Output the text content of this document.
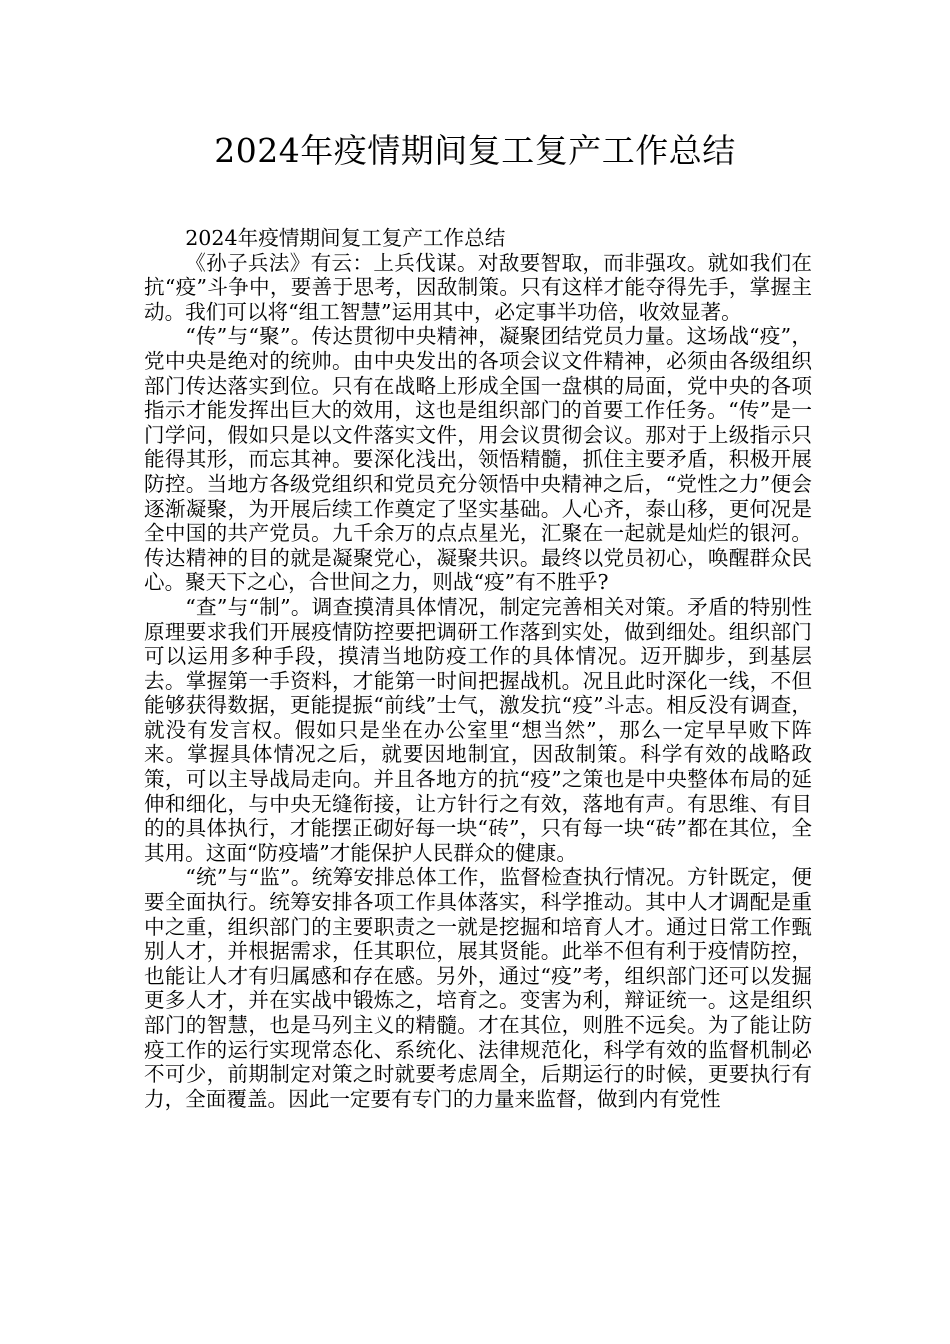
2024年疫情期间复工复产工作总结

2024年疫情期间复工复产工作总结

《孙子兵法》有云：上兵伐谋。对敌要智取，而非强攻。就如我们在抗“疫”斗争中，要善于思考，因敌制策。只有这样才能夺得先手，掌握主动。我们可以将“组工智慧”运用其中，必定事半功倍，收效显著。

“传”与“聚”。传达贯彻中央精神，凝聚团结党员力量。这场战“疫”，党中央是绝对的统帅。由中央发出的各项会议文件精神，必须由各级组织部门传达落实到位。只有在战略上形成全国一盘棋的局面，党中央的各项指示才能发挥出巨大的效用，这也是组织部门的首要工作任务。“传”是一门学问，假如只是以文件落实文件，用会议贯彻会议。那对于上级指示只能得其形，而忘其神。要深化浅出，领悟精髓，抓住主要矛盾，积极开展防控。当地方各级党组织和党员充分领悟中央精神之后，“党性之力”便会逐渐凝聚，为开展后续工作奠定了坚实基础。人心齐，泰山移，更何况是全中国的共产党员。九千余万的点点星光，汇聚在一起就是灿烂的银河。传达精神的目的就是凝聚党心，凝聚共识。最终以党员初心，唤醒群众民心。聚天下之心，合世间之力，则战“疫”有不胜乎?

“查”与“制”。调查摸清具体情况，制定完善相关对策。矛盾的特别性原理要求我们开展疫情防控要把调研工作落到实处，做到细处。组织部门可以运用多种手段，摸清当地防疫工作的具体情况。迈开脚步，到基层去。掌握第一手资料，才能第一时间把握战机。况且此时深化一线，不但能够获得数据，更能提振“前线”士气，激发抗“疫”斗志。相反没有调查，就没有发言权。假如只是坐在办公室里“想当然”，那么一定早早败下阵来。掌握具体情况之后，就要因地制宜，因敌制策。科学有效的战略政策，可以主导战局走向。并且各地方的抗“疫”之策也是中央整体布局的延伸和细化，与中央无缝衔接，让方针行之有效，落地有声。有思维、有目的的具体执行，才能摆正砌好每一块“砖”，只有每一块“砖”都在其位，全其用。这面“防疫墙”才能保护人民群众的健康。

“统”与“监”。统筹安排总体工作，监督检查执行情况。方针既定，便要全面执行。统筹安排各项工作具体落实，科学推动。其中人才调配是重中之重，组织部门的主要职责之一就是挖掘和培育人才。通过日常工作甄别人才，并根据需求，任其职位，展其贤能。此举不但有利于疫情防控，也能让人才有归属感和存在感。另外，通过“疫”考，组织部门还可以发掘更多人才，并在实战中锻炼之，培育之。变害为利，辩证统一。这是组织部门的智慧，也是马列主义的精髓。才在其位，则胜不远矣。为了能让防疫工作的运行实现常态化、系统化、法律规范化，科学有效的监督机制必不可少，前期制定对策之时就要考虑周全，后期运行的时候，更要执行有力，全面覆盖。因此一定要有专门的力量来监督，做到内有党性
